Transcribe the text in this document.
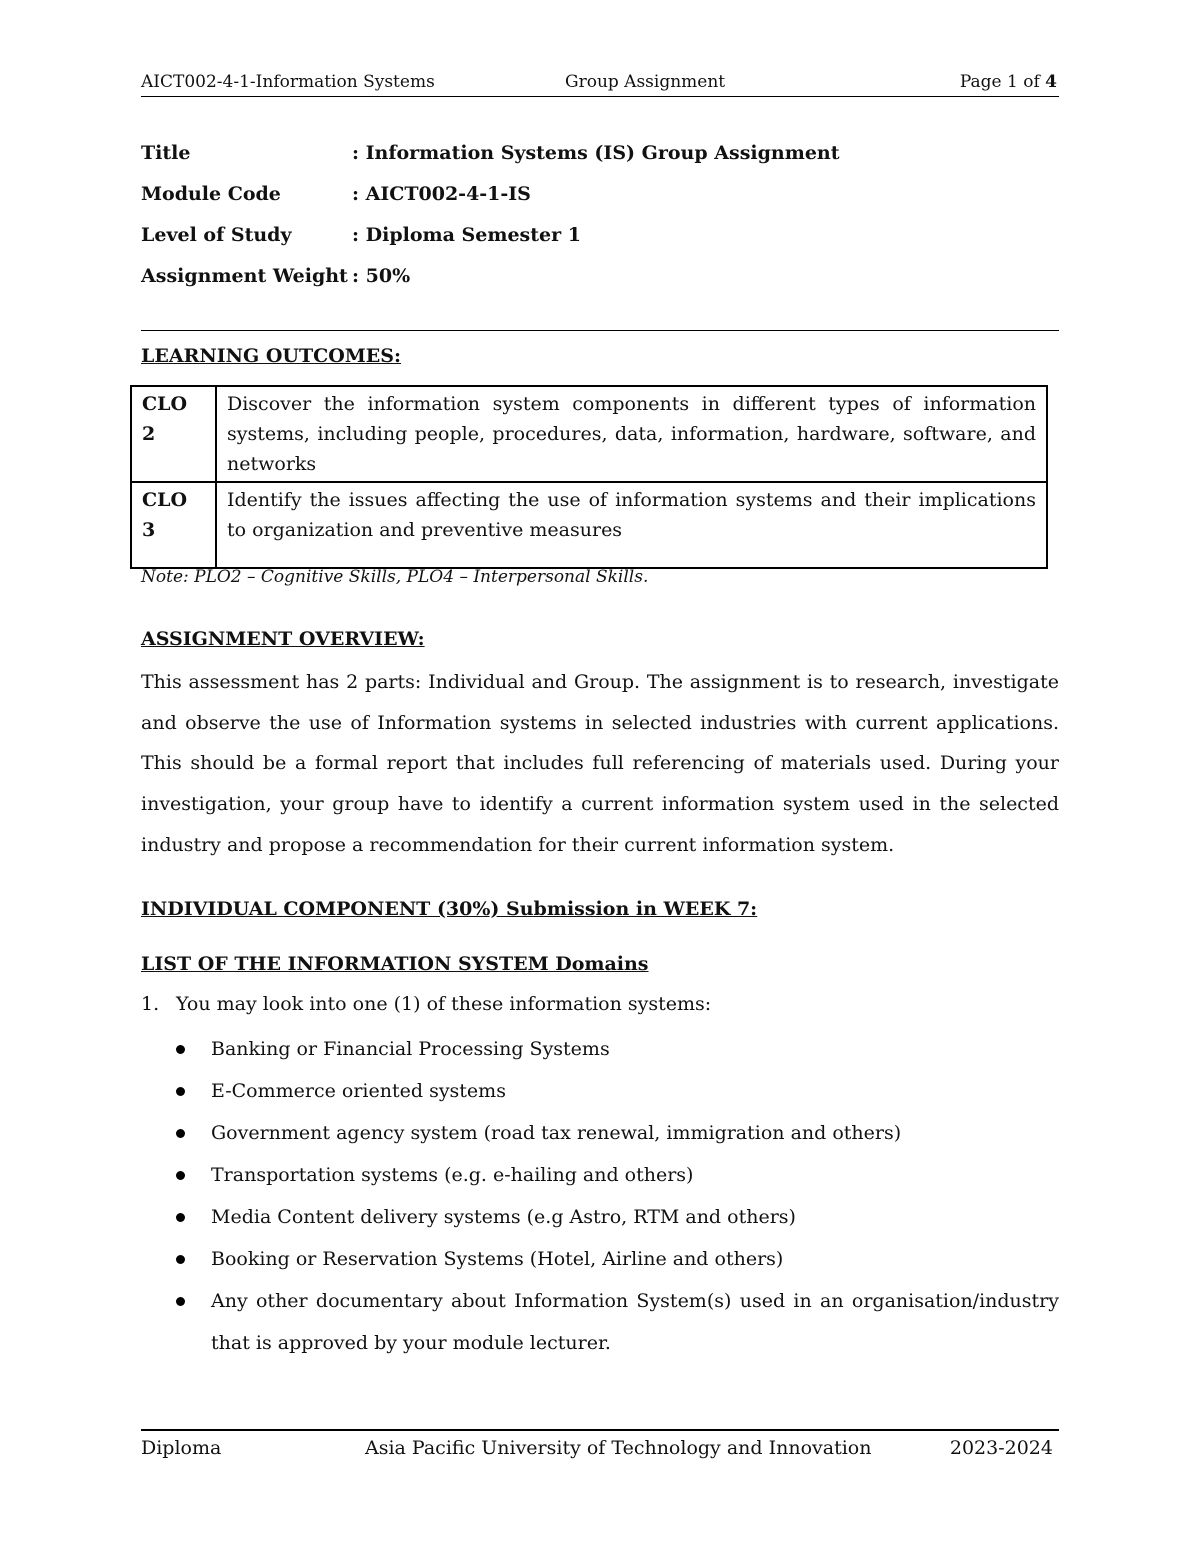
AICT002-4-1-Information Systems	Group Assignment	Page 1 of 4
Title	: Information Systems (IS) Group Assignment
Module Code	: AICT002-4-1-IS
Level of Study	: Diploma Semester 1
Assignment Weight : 50%
LEARNING OUTCOMES:
CLO
2	Discover the information system components in different types of information systems, including people, procedures, data, information, hardware, software, and networks
CLO
3	Identify the issues affecting the use of information systems and their implications to organization and preventive measures
Note: PLO2 – Cognitive Skills, PLO4 – Interpersonal Skills.
ASSIGNMENT OVERVIEW:
This assessment has 2 parts: Individual and Group. The assignment is to research, investigate and observe the use of Information systems in selected industries with current applications. This should be a formal report that includes full referencing of materials used. During your investigation, your group have to identify a current information system used in the selected industry and propose a recommendation for their current information system.
INDIVIDUAL COMPONENT (30%) Submission in WEEK 7:
LIST OF THE INFORMATION SYSTEM Domains
1. You may look into one (1) of these information systems:
Banking or Financial Processing Systems
E-Commerce oriented systems
Government agency system (road tax renewal, immigration and others)
Transportation systems (e.g. e-hailing and others)
Media Content delivery systems (e.g Astro, RTM and others)
Booking or Reservation Systems (Hotel, Airline and others)
Any other documentary about Information System(s) used in an organisation/industry that is approved by your module lecturer.
Diploma	Asia Pacific University of Technology and Innovation	2023-2024
